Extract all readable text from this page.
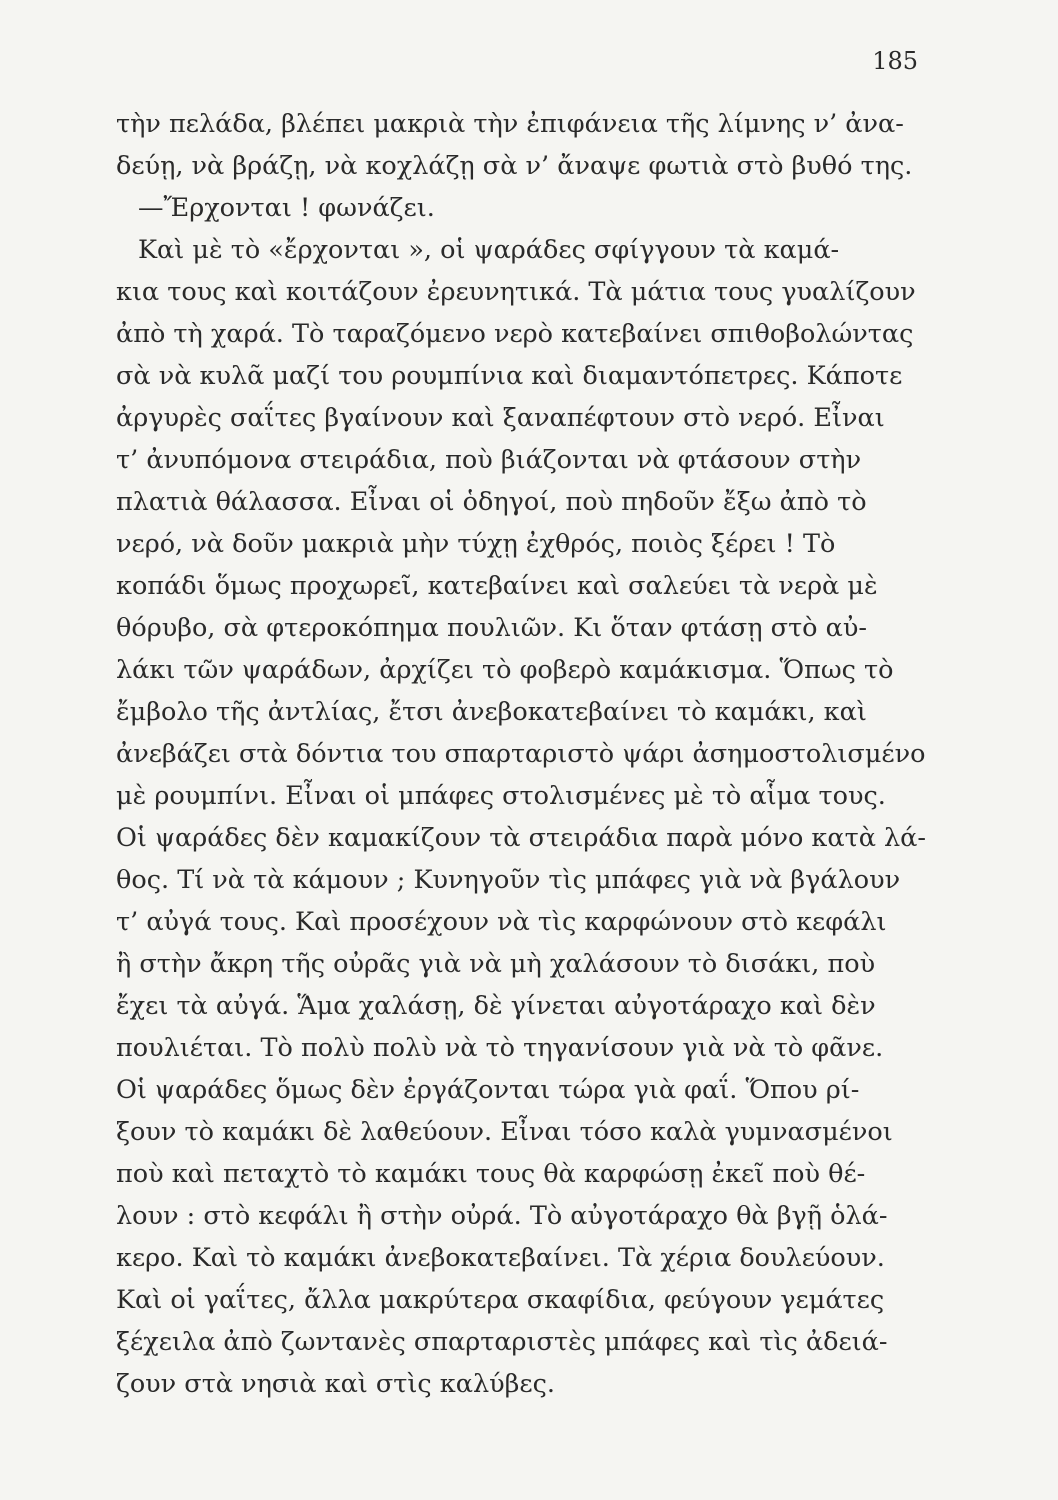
185
τὴν πελάδα, βλέπει μακριὰ τὴν ἐπιφάνεια τῆς λίμνης ν’ ἀνα-
δεύῃ, νὰ βράζῃ, νὰ κοχλάζῃ σὰ ν’ ἄναψε φωτιὰ στὸ βυθό της.
—Ἔρχονται ! φωνάζει.
Καὶ μὲ τὸ «ἔρχονται », οἱ ψαράδες σφίγγουν τὰ καμά-
κια τους καὶ κοιτάζουν ἐρευνητικά. Τὰ μάτια τους γυαλίζουν
ἀπὸ τὴ χαρά. Τὸ ταραζόμενο νερὸ κατεβαίνει σπιθοβολώντας
σὰ νὰ κυλᾶ μαζί του ρουμπίνια καὶ διαμαντόπετρες. Κάποτε
ἀργυρὲς σαΐτες βγαίνουν καὶ ξαναπέφτουν στὸ νερό. Εἶναι
τ’ ἀνυπόμονα στειράδια, ποὺ βιάζονται νὰ φτάσουν στὴν
πλατιὰ θάλασσα. Εἶναι οἱ ὁδηγοί, ποὺ πηδοῦν ἔξω ἀπὸ τὸ
νερό, νὰ δοῦν μακριὰ μὴν τύχῃ ἐχθρός, ποιὸς ξέρει ! Τὸ
κοπάδι ὅμως προχωρεῖ, κατεβαίνει καὶ σαλεύει τὰ νερὰ μὲ
θόρυβο, σὰ φτεροκόπημα πουλιῶν. Κι ὅταν φτάσῃ στὸ αὐ-
λάκι τῶν ψαράδων, ἀρχίζει τὸ φοβερὸ καμάκισμα. Ὅπως τὸ
ἔμβολο τῆς ἀντλίας, ἔτσι ἀνεβοκατεβαίνει τὸ καμάκι, καὶ
ἀνεβάζει στὰ δόντια του σπαρταριστὸ ψάρι ἀσημοστολισμένο
μὲ ρουμπίνι. Εἶναι οἱ μπάφες στολισμένες μὲ τὸ αἷμα τους.
Οἱ ψαράδες δὲν καμακίζουν τὰ στειράδια παρὰ μόνο κατὰ λά-
θος. Τί νὰ τὰ κάμουν ; Κυνηγοῦν τὶς μπάφες γιὰ νὰ βγάλουν
τ’ αὐγά τους. Καὶ προσέχουν νὰ τὶς καρφώνουν στὸ κεφάλι
ἢ στὴν ἄκρη τῆς οὐρᾶς γιὰ νὰ μὴ χαλάσουν τὸ δισάκι, ποὺ
ἔχει τὰ αὐγά. Ἅμα χαλάσῃ, δὲ γίνεται αὐγοτάραχο καὶ δὲν
πουλιέται. Τὸ πολὺ πολὺ νὰ τὸ τηγανίσουν γιὰ νὰ τὸ φᾶνε.
Οἱ ψαράδες ὅμως δὲν ἐργάζονται τώρα γιὰ φαΐ. Ὅπου ρί-
ξουν τὸ καμάκι δὲ λαθεύουν. Εἶναι τόσο καλὰ γυμνασμένοι
ποὺ καὶ πεταχτὸ τὸ καμάκι τους θὰ καρφώσῃ ἐκεῖ ποὺ θέ-
λουν : στὸ κεφάλι ἢ στὴν οὐρά. Τὸ αὐγοτάραχο θὰ βγῇ ὁλά-
κερο. Καὶ τὸ καμάκι ἀνεβοκατεβαίνει. Τὰ χέρια δουλεύουν.
Καὶ οἱ γαΐτες, ἄλλα μακρύτερα σκαφίδια, φεύγουν γεμάτες
ξέχειλα ἀπὸ ζωντανὲς σπαρταριστὲς μπάφες καὶ τὶς ἀδειά-
ζουν στὰ νησιὰ καὶ στὶς καλύβες.
